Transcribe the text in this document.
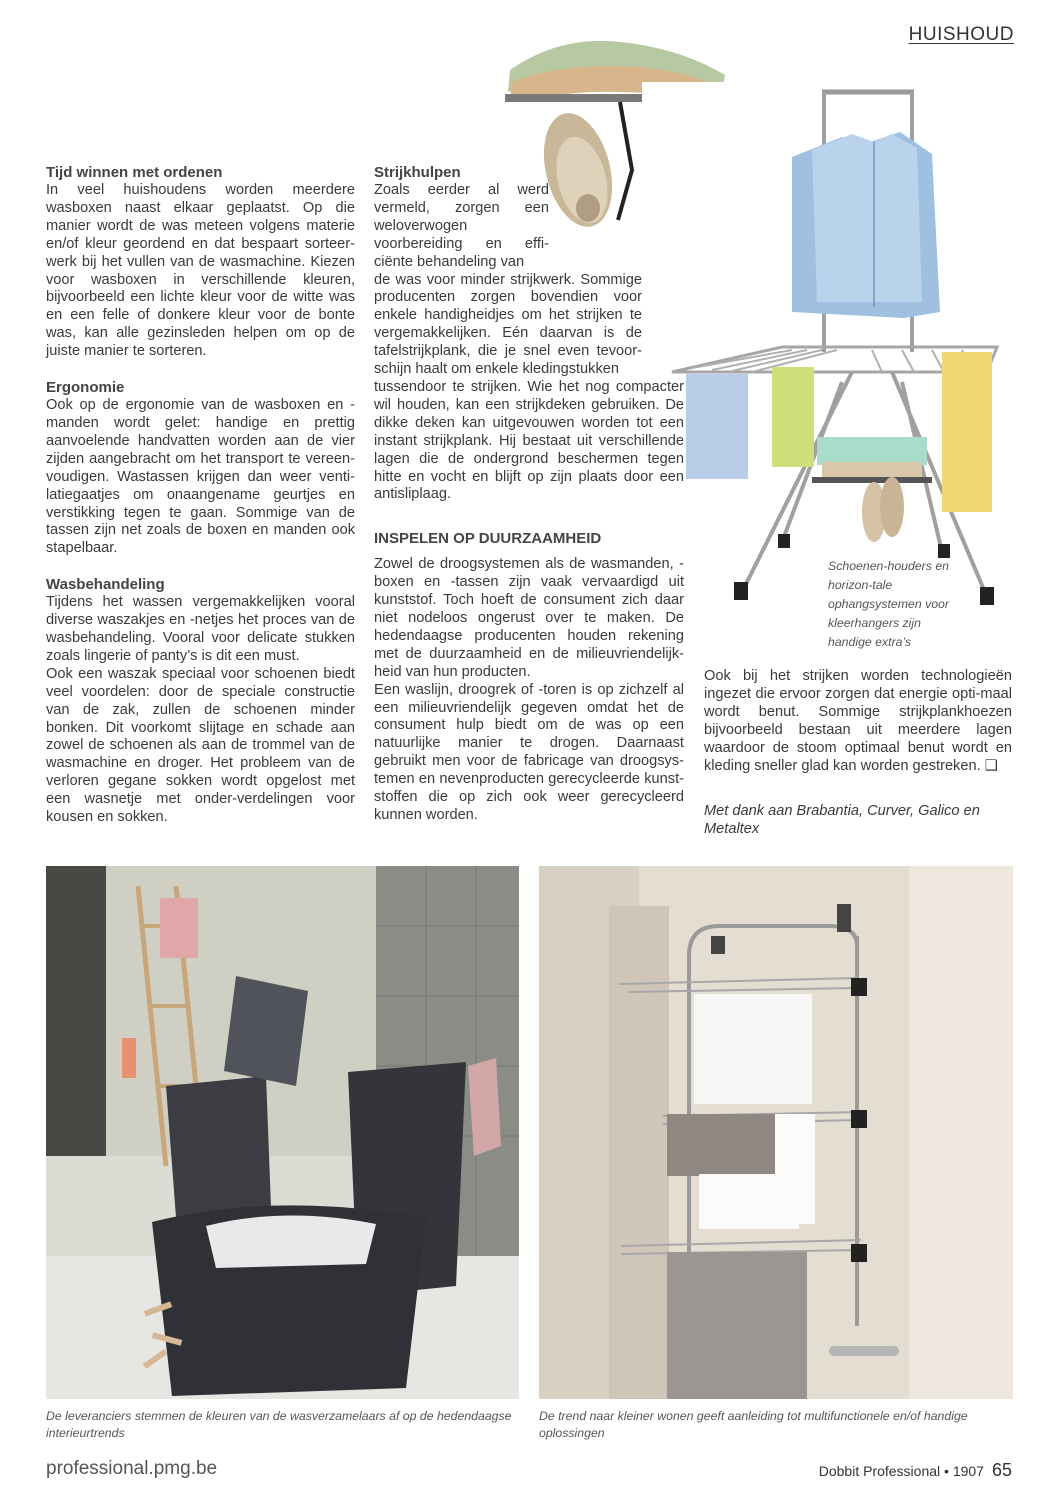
HUISHOUD
Schoenen-houders en horizon-tale ophangsystemen voor kleerhangers zijn handige extra’s
Tijd winnen met ordenen

In veel huishoudens worden meerdere wasboxen naast elkaar geplaatst. Op die manier wordt de was meteen volgens materie en/of kleur geordend en dat bespaart sorteer-werk bij het vullen van de wasmachine. Kiezen voor wasboxen in verschillende kleuren, bijvoorbeeld een lichte kleur voor de witte was en een felle of donkere kleur voor de bonte was, kan alle gezinsleden helpen om op de juiste manier te sorteren.

Ergonomie

Ook op de ergonomie van de wasboxen en -manden wordt gelet: handige en prettig aanvoelende handvatten worden aan de vier zijden aangebracht om het transport te vereen-voudigen. Wastassen krijgen dan weer venti-latiegaatjes om onaangename geurtjes en verstikking tegen te gaan. Sommige van de tassen zijn net zoals de boxen en manden ook stapelbaar.

Wasbehandeling

Tijdens het wassen vergemakkelijken vooral diverse waszakjes en -netjes het proces van de wasbehandeling. Vooral voor delicate stukken zoals lingerie of panty’s is dit een must.

Ook een waszak speciaal voor schoenen biedt veel voordelen: door de speciale constructie van de zak, zullen de schoenen minder bonken. Dit voorkomt slijtage en schade aan zowel de schoenen als aan de trommel van de wasmachine en droger. Het probleem van de verloren gegane sokken wordt opgelost met een wasnetje met onder-verdelingen voor kousen en sokken.

Strijkhulpen

Zoals eerder al werd vermeld, zorgen een weloverwogen voorbereiding en effi-ciënte behandeling van

de was voor minder strijkwerk. Sommige producenten zorgen bovendien voor enkele handigheidjes om het strijken te vergemakkelijken. Eén daarvan is de tafelstrijkplank, die je snel even tevoor-schijn haalt om enkele kledingstukken

tussendoor te strijken. Wie het nog compacter wil houden, kan een strijkdeken gebruiken. De dikke deken kan uitgevouwen worden tot een instant strijkplank. Hij bestaat uit verschillende lagen die de ondergrond beschermen tegen hitte en vocht en blijft op zijn plaats door een antisliplaag.

INSPELEN OP DUURZAAMHEID

Zowel de droogsystemen als de wasmanden, -boxen en -tassen zijn vaak vervaardigd uit kunststof. Toch hoeft de consument zich daar niet nodeloos ongerust over te maken. De hedendaagse producenten houden rekening met de duurzaamheid en de milieuvriendelijk-heid van hun producten.

Een waslijn, droogrek of -toren is op zichzelf al een milieuvriendelijk gegeven omdat het de consument hulp biedt om de was op een natuurlijke manier te drogen. Daarnaast gebruikt men voor de fabricage van droogsys-temen en nevenproducten gerecycleerde kunst-stoffen die op zich ook weer gerecycleerd kunnen worden.

Ook bij het strijken worden technologieën ingezet die ervoor zorgen dat energie opti-maal wordt benut. Sommige strijkplankhoezen bijvoorbeeld bestaan uit meerdere lagen waardoor de stoom optimaal benut wordt en kleding sneller glad kan worden gestreken. ❑

Met dank aan Brabantia, Curver, Galico en Metaltex

De leveranciers stemmen de kleuren van de wasverzamelaars af op de hedendaagse interieurtrends
De trend naar kleiner wonen geeft aanleiding tot multifunctionele en/of handige oplossingen
professional.pmg.be	Dobbit Professional • 1907 65
